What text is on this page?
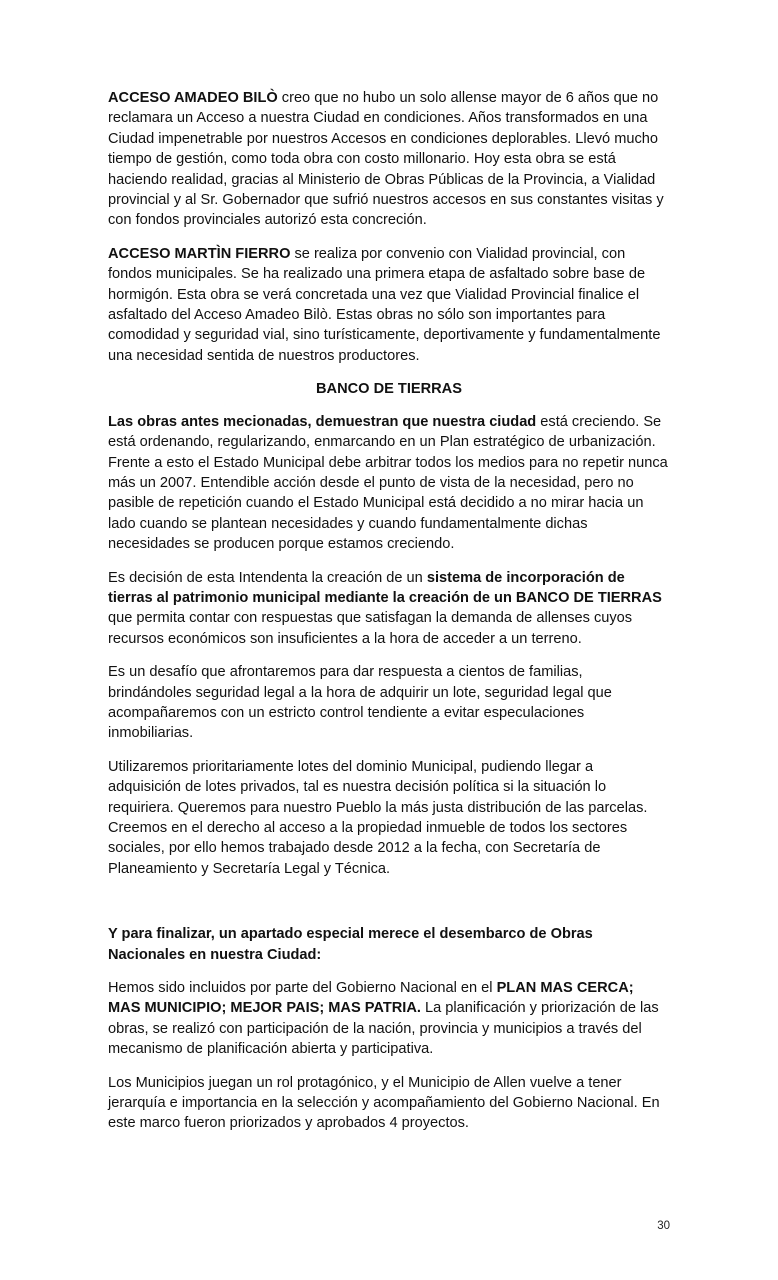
ACCESO AMADEO BILÒ creo que no hubo un solo allense mayor de 6 años que no reclamara un Acceso a nuestra Ciudad en condiciones. Años transformados en una Ciudad impenetrable por nuestros Accesos en condiciones deplorables. Llevó mucho tiempo de gestión, como toda obra con costo millonario. Hoy esta obra se está haciendo realidad, gracias al Ministerio de Obras Públicas de la Provincia, a Vialidad provincial y al Sr. Gobernador que sufrió nuestros accesos en sus constantes visitas y con fondos provinciales autorizó esta concreción.

ACCESO MARTÌN FIERRO se realiza por convenio con Vialidad provincial, con fondos municipales. Se ha realizado una primera etapa de asfaltado sobre base de hormigón. Esta obra se verá concretada una vez que Vialidad Provincial finalice el asfaltado del Acceso Amadeo Bilò. Estas obras no sólo son importantes para comodidad y seguridad vial, sino turísticamente, deportivamente y fundamentalmente una necesidad sentida de nuestros productores.

BANCO DE TIERRAS

Las obras antes mecionadas, demuestran que nuestra ciudad está creciendo. Se está ordenando, regularizando, enmarcando en un Plan estratégico de urbanización. Frente a esto el Estado Municipal debe arbitrar todos los medios para no repetir nunca más un 2007. Entendible acción desde el punto de vista de la necesidad, pero no pasible de repetición cuando el Estado Municipal está decidido a no mirar hacia un lado cuando se plantean necesidades y cuando fundamentalmente dichas necesidades se producen porque estamos creciendo.

Es decisión de esta Intendenta la creación de un sistema de incorporación de tierras al patrimonio municipal mediante la creación de un BANCO DE TIERRAS que permita contar con respuestas que satisfagan la demanda de allenses cuyos recursos económicos son insuficientes a la hora de acceder a un terreno.

Es un desafío que afrontaremos para dar respuesta a cientos de familias, brindándoles seguridad legal a la hora de adquirir un lote, seguridad legal que acompañaremos con un estricto control tendiente a evitar especulaciones inmobiliarias.

Utilizaremos prioritariamente lotes del dominio Municipal, pudiendo llegar a adquisición de lotes privados, tal es nuestra decisión política si la situación lo requiriera. Queremos para nuestro Pueblo la más justa distribución de las parcelas. Creemos en el derecho al acceso a la propiedad inmueble de todos los sectores sociales, por ello hemos trabajado desde 2012 a la fecha, con Secretaría de Planeamiento y Secretaría Legal y Técnica.

Y para finalizar, un apartado especial merece el desembarco de Obras Nacionales en nuestra Ciudad:

Hemos sido incluidos por parte del Gobierno Nacional en el PLAN MAS CERCA; MAS MUNICIPIO; MEJOR PAIS; MAS PATRIA. La planificación y priorización de las obras, se realizó con participación de la nación, provincia y municipios a través del mecanismo de planificación abierta y participativa.

Los Municipios juegan un rol protagónico, y el Municipio de Allen vuelve a tener jerarquía e importancia en la selección y acompañamiento del Gobierno Nacional. En este marco fueron priorizados y aprobados 4 proyectos.

30
